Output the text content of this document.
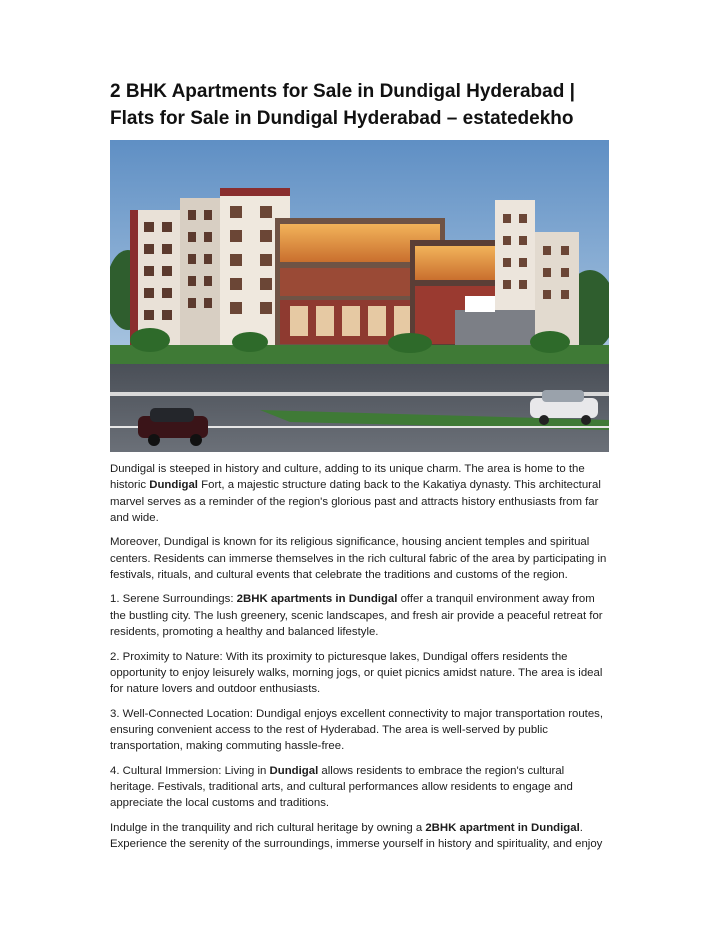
2 BHK Apartments for Sale in Dundigal Hyderabad | Flats for Sale in Dundigal Hyderabad – estatedekho

Dundigal is steeped in history and culture, adding to its unique charm. The area is home to the historic Dundigal Fort, a majestic structure dating back to the Kakatiya dynasty. This architectural marvel serves as a reminder of the region's glorious past and attracts history enthusiasts from far and wide.

Moreover, Dundigal is known for its religious significance, housing ancient temples and spiritual centers. Residents can immerse themselves in the rich cultural fabric of the area by participating in festivals, rituals, and cultural events that celebrate the traditions and customs of the region.

1. Serene Surroundings: 2BHK apartments in Dundigal offer a tranquil environment away from the bustling city. The lush greenery, scenic landscapes, and fresh air provide a peaceful retreat for residents, promoting a healthy and balanced lifestyle.

2. Proximity to Nature: With its proximity to picturesque lakes, Dundigal offers residents the opportunity to enjoy leisurely walks, morning jogs, or quiet picnics amidst nature. The area is ideal for nature lovers and outdoor enthusiasts.

3. Well-Connected Location: Dundigal enjoys excellent connectivity to major transportation routes, ensuring convenient access to the rest of Hyderabad. The area is well-served by public transportation, making commuting hassle-free.

4. Cultural Immersion: Living in Dundigal allows residents to embrace the region's cultural heritage. Festivals, traditional arts, and cultural performances allow residents to engage and appreciate the local customs and traditions.

Indulge in the tranquility and rich cultural heritage by owning a 2BHK apartment in Dundigal. Experience the serenity of the surroundings, immerse yourself in history and spirituality, and enjoy
